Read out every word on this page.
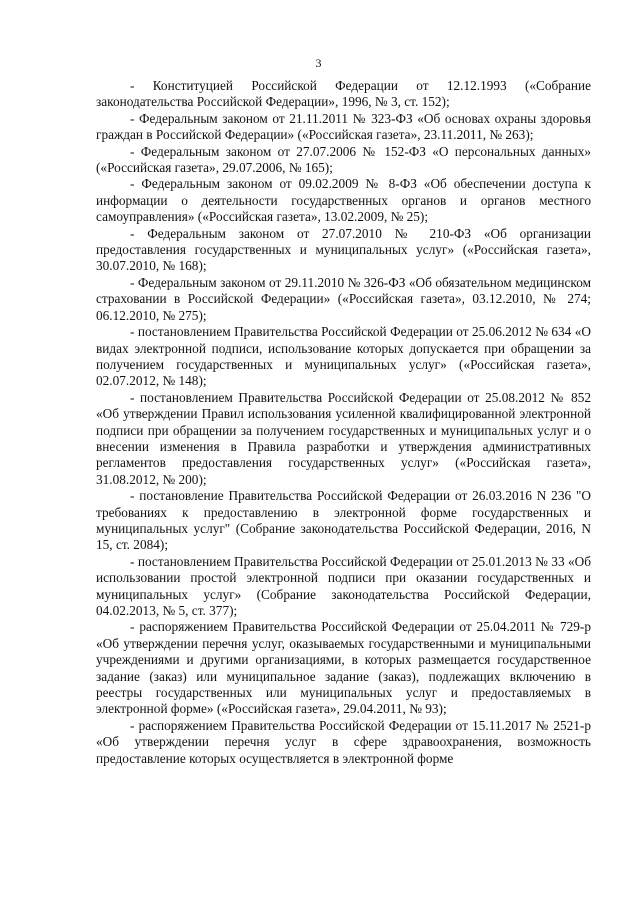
3

- Конституцией Российской Федерации от 12.12.1993 («Собрание законодательства Российской Федерации», 1996, № 3, ст. 152);

- Федеральным законом от 21.11.2011 № 323-ФЗ «Об основах охраны здоровья граждан в Российской Федерации» («Российская газета», 23.11.2011, № 263);

- Федеральным законом от 27.07.2006 № 152-ФЗ «О персональных данных» («Российская газета», 29.07.2006, № 165);

- Федеральным законом от 09.02.2009 № 8-ФЗ «Об обеспечении доступа к информации о деятельности государственных органов и органов местного самоуправления» («Российская газета», 13.02.2009, № 25);

- Федеральным законом от 27.07.2010 № 210-ФЗ «Об организации предоставления государственных и муниципальных услуг» («Российская газета», 30.07.2010, № 168);

- Федеральным законом от 29.11.2010 № 326-ФЗ «Об обязательном медицинском страховании в Российской Федерации» («Российская газета», 03.12.2010, № 274; 06.12.2010, № 275);

- постановлением Правительства Российской Федерации от 25.06.2012 № 634 «О видах электронной подписи, использование которых допускается при обращении за получением государственных и муниципальных услуг» («Российская газета», 02.07.2012, № 148);

- постановлением Правительства Российской Федерации от 25.08.2012 № 852 «Об утверждении Правил использования усиленной квалифицированной электронной подписи при обращении за получением государственных и муниципальных услуг и о внесении изменения в Правила разработки и утверждения административных регламентов предоставления государственных услуг» («Российская газета», 31.08.2012, № 200);

- постановление Правительства Российской Федерации от 26.03.2016 N 236 "О требованиях к предоставлению в электронной форме государственных и муниципальных услуг" (Собрание законодательства Российской Федерации, 2016, N 15, ст. 2084);

- постановлением Правительства Российской Федерации от 25.01.2013 № 33 «Об использовании простой электронной подписи при оказании государственных и муниципальных услуг» (Собрание законодательства Российской Федерации, 04.02.2013, № 5, ст. 377);

- распоряжением Правительства Российской Федерации от 25.04.2011 № 729-р «Об утверждении перечня услуг, оказываемых государственными и муниципальными учреждениями и другими организациями, в которых размещается государственное задание (заказ) или муниципальное задание (заказ), подлежащих включению в реестры государственных или муниципальных услуг и предоставляемых в электронной форме» («Российская газета», 29.04.2011, № 93);

- распоряжением Правительства Российской Федерации от 15.11.2017 № 2521-р «Об утверждении перечня услуг в сфере здравоохранения, возможность предоставление которых осуществляется в электронной форме
